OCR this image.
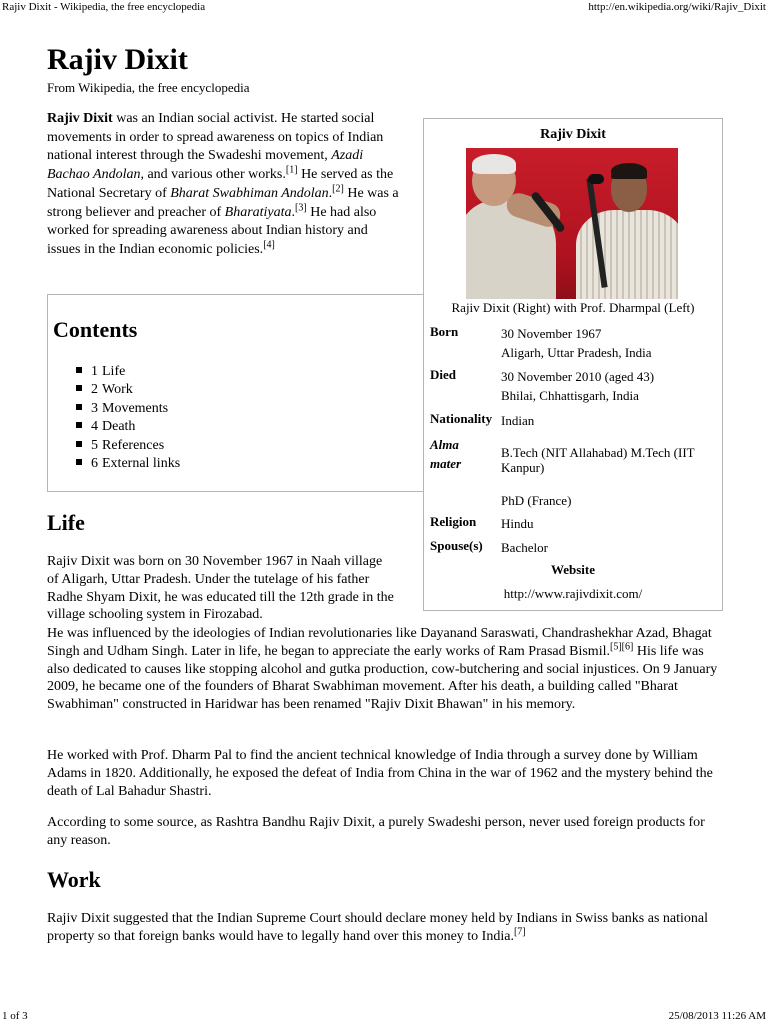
Rajiv Dixit - Wikipedia, the free encyclopedia	http://en.wikipedia.org/wiki/Rajiv_Dixit
Rajiv Dixit
From Wikipedia, the free encyclopedia

Rajiv Dixit was an Indian social activist. He started social movements in order to spread awareness on topics of Indian national interest through the Swadeshi movement, Azadi Bachao Andolan, and various other works.[1] He served as the National Secretary of Bharat Swabhiman Andolan.[2] He was a strong believer and preacher of Bharatiyata.[3] He had also worked for spreading awareness about Indian history and issues in the Indian economic policies.[4]

Contents
1 Life
2 Work
3 Movements
4 Death
5 References
6 External links
Rajiv Dixit
Rajiv Dixit (Right) with Prof. Dharmpal (Left)
Born	30 November 1967
Aligarh, Uttar Pradesh, India
Died	30 November 2010 (aged 43)
Bhilai, Chhattisgarh, India
Nationality Indian
Alma mater
B.Tech (NIT Allahabad) M.Tech (IIT Kanpur)
PhD (France)
Religion	Hindu
Spouse(s)	Bachelor
Website
http://www.rajivdixit.com/
Life
Rajiv Dixit was born on 30 November 1967 in Naah village of Aligarh, Uttar Pradesh. Under the tutelage of his father Radhe Shyam Dixit, he was educated till the 12th grade in the village schooling system in Firozabad.

He was influenced by the ideologies of Indian revolutionaries like Dayanand Saraswati, Chandrashekhar Azad, Bhagat Singh and Udham Singh. Later in life, he began to appreciate the early works of Ram Prasad Bismil.[5][6] His life was also dedicated to causes like stopping alcohol and gutka production, cow-butchering and social injustices. On 9 January 2009, he became one of the founders of Bharat Swabhiman movement. After his death, a building called "Bharat Swabhiman" constructed in Haridwar has been renamed "Rajiv Dixit Bhawan" in his memory.

He worked with Prof. Dharm Pal to find the ancient technical knowledge of India through a survey done by William Adams in 1820. Additionally, he exposed the defeat of India from China in the war of 1962 and the mystery behind the death of Lal Bahadur Shastri.
According to some source, as Rashtra Bandhu Rajiv Dixit, a purely Swadeshi person, never used foreign products for any reason.
Work

Rajiv Dixit suggested that the Indian Supreme Court should declare money held by Indians in Swiss banks as national property so that foreign banks would have to legally hand over this money to India.[7]

1 of 3	25/08/2013 11:26 AM
